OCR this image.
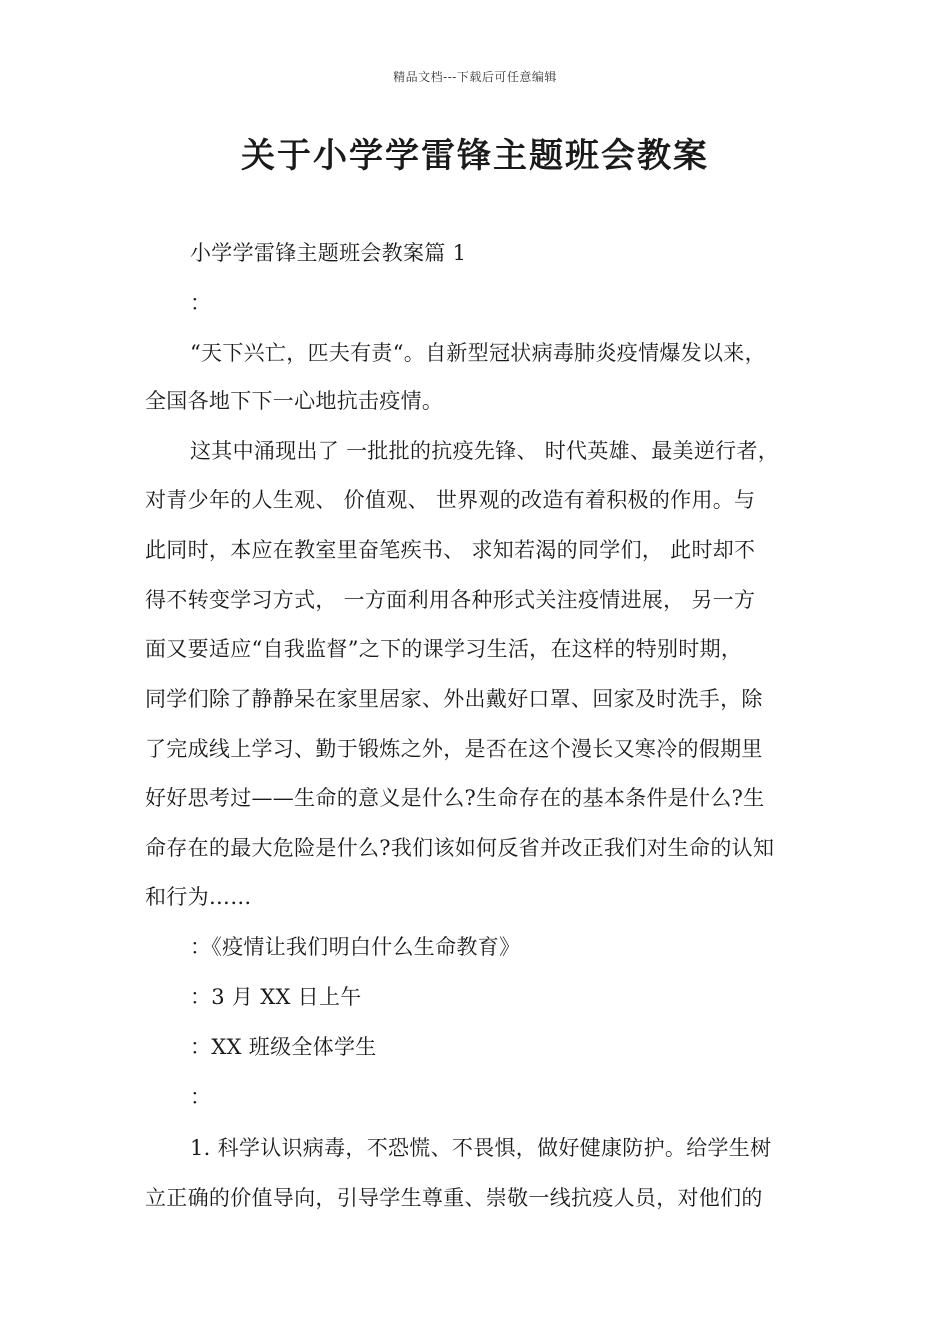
精品文档---下载后可任意编辑
关于小学学雷锋主题班会教案
小学学雷锋主题班会教案篇 1
：
“天下兴亡，匹夫有责“。自新型冠状病毒肺炎疫情爆发以来，
全国各地下下一心地抗击疫情。
这其中涌现出了 一批批的抗疫先锋、 时代英雄、最美逆行者，
对青少年的人生观、 价值观、 世界观的改造有着积极的作用。与
此同时，本应在教室里奋笔疾书、 求知若渴的同学们， 此时却不
得不转变学习方式， 一方面利用各种形式关注疫情进展， 另一方
面又要适应“自我监督”之下的课学习生活，在这样的特别时期，
同学们除了静静呆在家里居家、外出戴好口罩、回家及时洗手，除
了完成线上学习、勤于锻炼之外，是否在这个漫长又寒冷的假期里
好好思考过——生命的意义是什么?生命存在的基本条件是什么?生
命存在的最大危险是什么?我们该如何反省并改正我们对生命的认知
和行为……
：《疫情让我们明白什么生命教育》
：3 月 XX 日上午
：XX 班级全体学生
：
1. 科学认识病毒，不恐慌、不畏惧，做好健康防护。给学生树
立正确的价值导向，引导学生尊重、崇敬一线抗疫人员，对他们的
